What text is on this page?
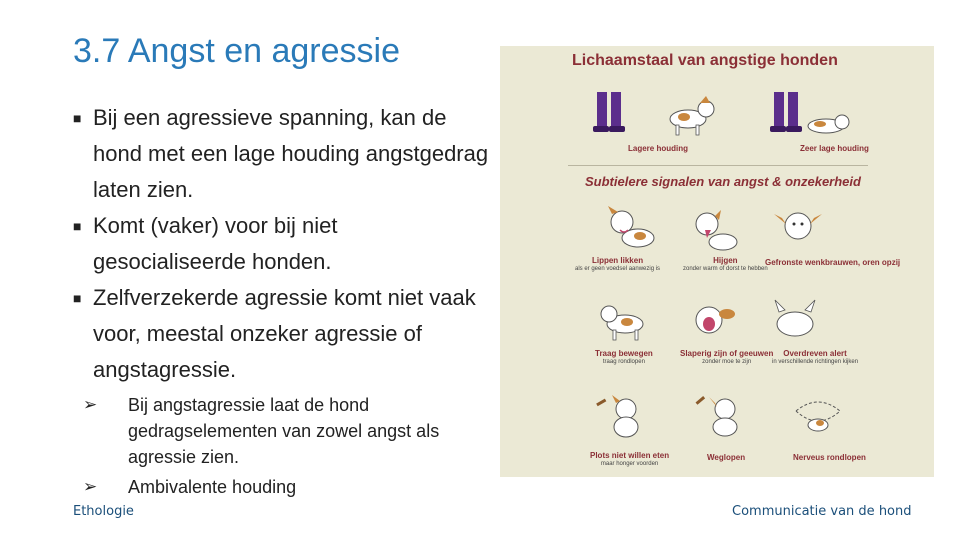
3.7 Angst en agressie
■ Bij een agressieve spanning, kan de hond met een lage houding angstgedrag laten zien.
■ Komt (vaker) voor bij niet gesocialiseerde honden.
■ Zelfverzekerde agressie komt niet vaak voor, meestal onzeker agressie of angstagressie.
➢ Bij angstagressie laat de hond gedragselementen van zowel angst als agressie zien.
➢ Ambivalente houding
Lichaamstaal van angstige honden
Lagere houding	Zeer lage houding
Subtielere signalen van angst & onzekerheid
Lippen likken
als er geen voedsel aanwezig is
Hijgen
zonder warm of dorst te hebben
Gefronste wenkbrauwen, oren opzij
Traag bewegen
traag rondlopen
Slaperig zijn of geeuwen
zonder moe te zijn
Overdreven alert
in verschillende richtingen kijken
Plots niet willen eten
maar honger voorden
Weglopen	Nerveus rondlopen
Ethologie	Communicatie van de hond
